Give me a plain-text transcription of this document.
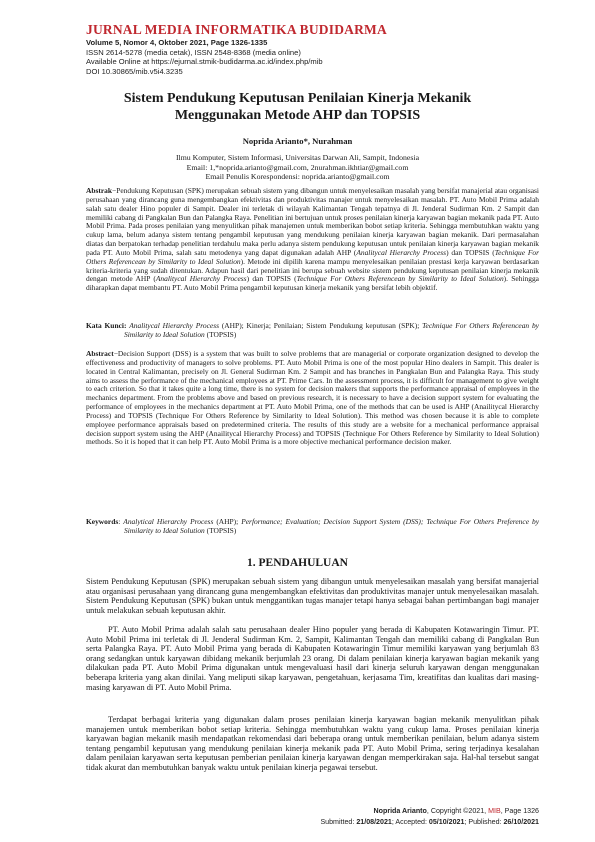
JURNAL MEDIA INFORMATIKA BUDIDARMA
Volume 5, Nomor 4, Oktober 2021, Page 1326-1335
ISSN 2614-5278 (media cetak), ISSN 2548-8368 (media online)
Available Online at https://ejurnal.stmik-budidarma.ac.id/index.php/mib
DOI 10.30865/mib.v5i4.3235
Sistem Pendukung Keputusan Penilaian Kinerja Mekanik
Menggunakan Metode AHP dan TOPSIS
Noprida Arianto*, Nurahman
Ilmu Komputer, Sistem Informasi, Universitas Darwan Ali, Sampit, Indonesia
Email: 1,*noprida.arianto@gmail.com, 2nurahman.ikhtiar@gmail.com
Email Penulis Korespondensi: noprida.arianto@gmail.com
Abstrak−Pendukung Keputusan (SPK) merupakan sebuah sistem yang dibangun untuk menyelesaikan masalah yang bersifat manajerial atau organisasi perusahaan yang dirancang guna mengembangkan efektivitas dan produktivitas manajer untuk menyelesaikan masalah. PT. Auto Mobil Prima adalah salah satu dealer Hino populer di Sampit. Dealer ini terletak di wilayah Kalimantan Tengah tepatnya di Jl. Jenderal Sudirman Km. 2 Sampit dan memiliki cabang di Pangkalan Bun dan Palangka Raya. Penelitian ini bertujuan untuk proses penilaian kinerja karyawan bagian mekanik pada PT. Auto Mobil Prima. Pada proses penilaian yang menyulitkan pihak manajemen untuk memberikan bobot setiap kriteria. Sehingga membutuhkan waktu yang cukup lama, belum adanya sistem tentang pengambil keputusan yang mendukung penilaian kinerja karyawan bagian mekanik. Dari permasalahan diatas dan berpatokan terhadap penelitian terdahulu maka perlu adanya sistem pendukung keputusan untuk penilaian kinerja karyawan bagian mekanik pada PT. Auto Mobil Prima, salah satu metodenya yang dapat digunakan adalah AHP (Analitycal Hierarchy Process) dan TOPSIS (Technique For Others Referencean by Similarity to Ideal Solution). Metode ini dipilih karena mampu menyelesaikan penilaian prestasi kerja karyawan berdasarkan kriteria-kriteria yang sudah ditentukan. Adapun hasil dari penelitian ini berupa sebuah website sistem pendukung keputusan penilaian kinerja mekanik dengan metode AHP (Analitycal Hierarchy Process) dan TOPSIS (Technique For Others Referencean by Similarity to Ideal Solution). Sehingga diharapkan dapat membantu PT. Auto Mobil Prima pengambil keputusan kinerja mekanik yang bersifat lebih objektif.
Kata Kunci: Analitycal Hierarchy Process (AHP); Kinerja; Penilaian; Sistem Pendukung keputusan (SPK); Technique For Others Referencean by Similarity to Ideal Solution (TOPSIS)
Abstract−Decision Support (DSS) is a system that was built to solve problems that are managerial or corporate organization designed to develop the effectiveness and productivity of managers to solve problems. PT. Auto Mobil Prima is one of the most popular Hino dealers in Sampit. This dealer is located in Central Kalimantan, precisely on Jl. General Sudirman Km. 2 Sampit and has branches in Pangkalan Bun and Palangka Raya. This study aims to assess the performance of the mechanical employees at PT. Prime Cars. In the assessment process, it is difficult for management to give weight to each criterion. So that it takes quite a long time, there is no system for decision makers that supports the performance appraisal of employees in the mechanics department. From the problems above and based on previous research, it is necessary to have a decision support system for evaluating the performance of employees in the mechanics department at PT. Auto Mobil Prima, one of the methods that can be used is AHP (Anailitycal Hierarchy Process) and TOPSIS (Technique For Others Reference by Similarity to Ideal Solution). This method was chosen because it is able to complete employee performance appraisals based on predetermined criteria. The results of this study are a website for a mechanical performance appraisal decision support system using the AHP (Anailitycal Hierarchy Process) and TOPSIS (Technique For Others Reference by Similarity to Ideal Solution) methods. So it is hoped that it can help PT. Auto Mobil Prima is a more objective mechanical performance decision maker.
Keywords: Analytical Hierarchy Process (AHP); Performance; Evaluation; Decision Support System (DSS); Technique For Others Preference by Similarity to Ideal Solution (TOPSIS)
1. PENDAHULUAN
Sistem Pendukung Keputusan (SPK) merupakan sebuah sistem yang dibangun untuk menyelesaikan masalah yang bersifat manajerial atau organisasi perusahaan yang dirancang guna mengembangkan efektivitas dan produktivitas manajer untuk menyelesaikan masalah. Sistem Pendukung Keputusan (SPK) bukan untuk menggantikan tugas manajer tetapi hanya sebagai bahan pertimbangan bagi manajer untuk melakukan sebuah keputusan akhir.
PT. Auto Mobil Prima adalah salah satu perusahaan dealer Hino populer yang berada di Kabupaten Kotawaringin Timur. PT. Auto Mobil Prima ini terletak di Jl. Jenderal Sudirman Km. 2, Sampit, Kalimantan Tengah dan memiliki cabang di Pangkalan Bun serta Palangka Raya. PT. Auto Mobil Prima yang berada di Kabupaten Kotawaringin Timur memiliki karyawan yang berjumlah 83 orang sedangkan untuk karyawan dibidang mekanik berjumlah 23 orang. Di dalam penilaian kinerja karyawan bagian mekanik yang dilakukan pada PT. Auto Mobil Prima digunakan untuk mengevaluasi hasil dari kinerja seluruh karyawan dengan menggunakan beberapa kriteria yang akan dinilai. Yang meliputi sikap karyawan, pengetahuan, kerjasama Tim, kreatifitas dan kualitas dari masing-masing karyawan di PT. Auto Mobil Prima.
Terdapat berbagai kriteria yang digunakan dalam proses penilaian kinerja karyawan bagian mekanik menyulitkan pihak manajemen untuk memberikan bobot setiap kriteria. Sehingga membutuhkan waktu yang cukup lama. Proses penilaian kinerja karyawan bagian mekanik masih mendapatkan rekomendasi dari beberapa orang untuk memberikan penilaian, belum adanya sistem tentang pengambil keputusan yang mendukung penilaian kinerja mekanik pada PT. Auto Mobil Prima, sering terjadinya kesalahan dalam penilaian karyawan serta keputusan pemberian penilaian kinerja karyawan dengan memperkirakan saja. Hal-hal tersebut sangat tidak akurat dan membutuhkan banyak waktu untuk penilaian kinerja pegawai tersebut.
Noprida Arianto, Copyright ©2021, MIB, Page 1326
Submitted: 21/08/2021; Accepted: 05/10/2021; Published: 26/10/2021
